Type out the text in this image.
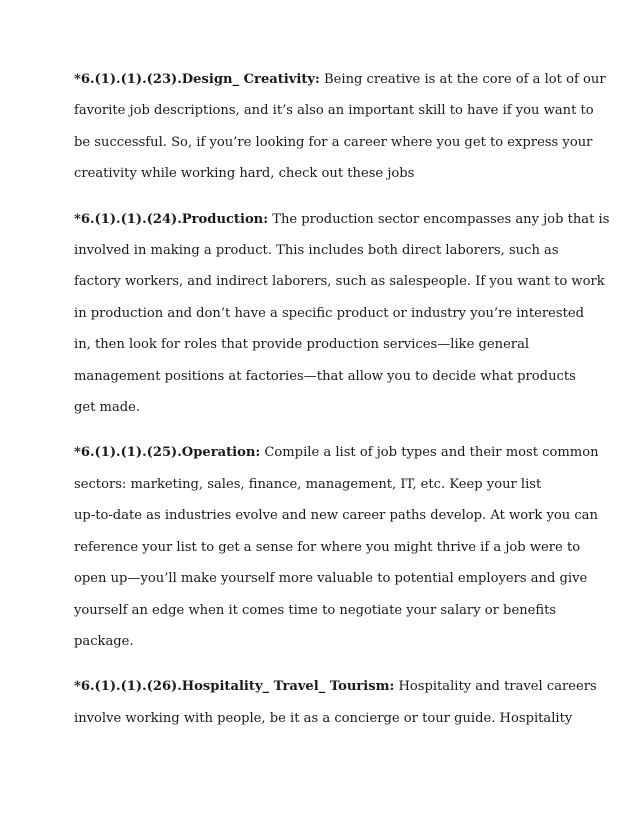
*6.(1).(1).(23).Design_ Creativity: Being creative is at the core of a lot of our
favorite job descriptions, and it’s also an important skill to have if you want to
be successful. So, if you’re looking for a career where you get to express your
creativity while working hard, check out these jobs
*6.(1).(1).(24).Production: The production sector encompasses any job that is
involved in making a product. This includes both direct laborers, such as
factory workers, and indirect laborers, such as salespeople. If you want to work
in production and don’t have a specific product or industry you’re interested
in, then look for roles that provide production services—like general
management positions at factories—that allow you to decide what products
get made.
*6.(1).(1).(25).Operation: Compile a list of job types and their most common
sectors: marketing, sales, finance, management, IT, etc. Keep your list
up-to-date as industries evolve and new career paths develop. At work you can
reference your list to get a sense for where you might thrive if a job were to
open up—you’ll make yourself more valuable to potential employers and give
yourself an edge when it comes time to negotiate your salary or benefits
package.
*6.(1).(1).(26).Hospitality_ Travel_ Tourism: Hospitality and travel careers
involve working with people, be it as a concierge or tour guide. Hospitality
